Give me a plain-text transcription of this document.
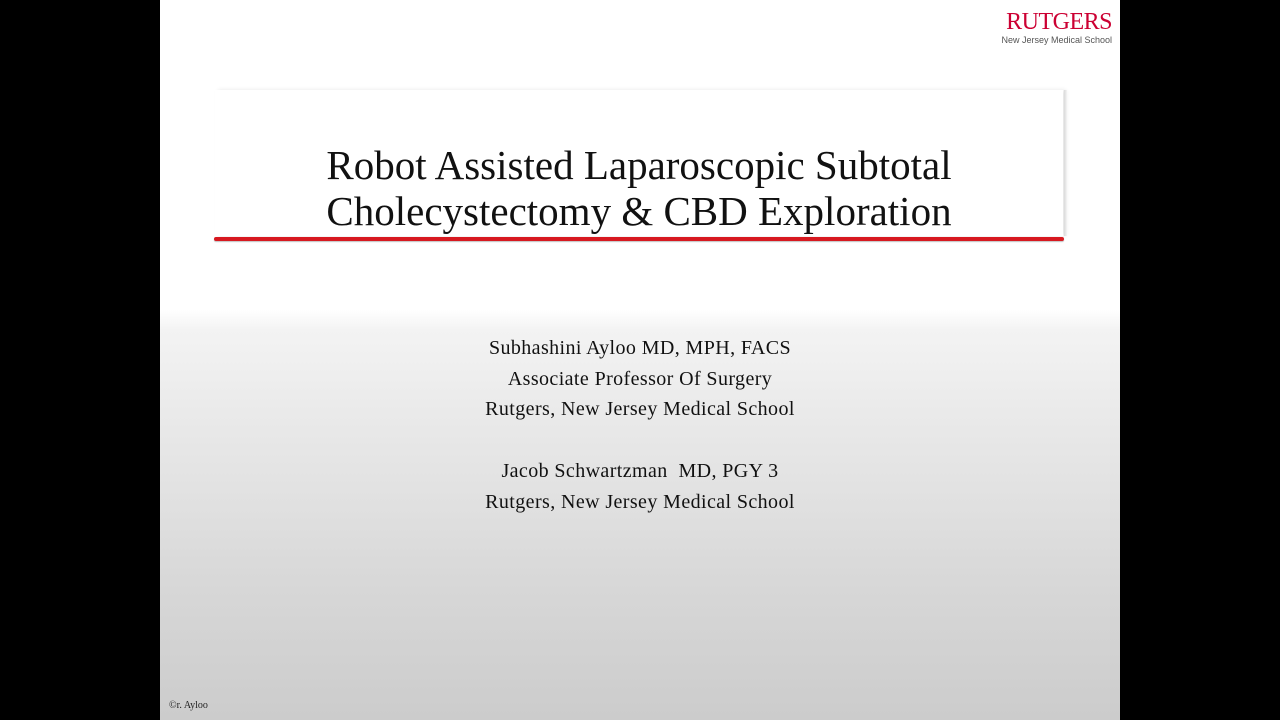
RUTGERS
New Jersey Medical School
Robot Assisted Laparoscopic Subtotal
Cholecystectomy & CBD Exploration
Subhashini Ayloo MD, MPH, FACS
Associate Professor Of Surgery
Rutgers, New Jersey Medical School
Jacob Schwartzman  MD, PGY 3
Rutgers, New Jersey Medical School
©r. Ayloo
